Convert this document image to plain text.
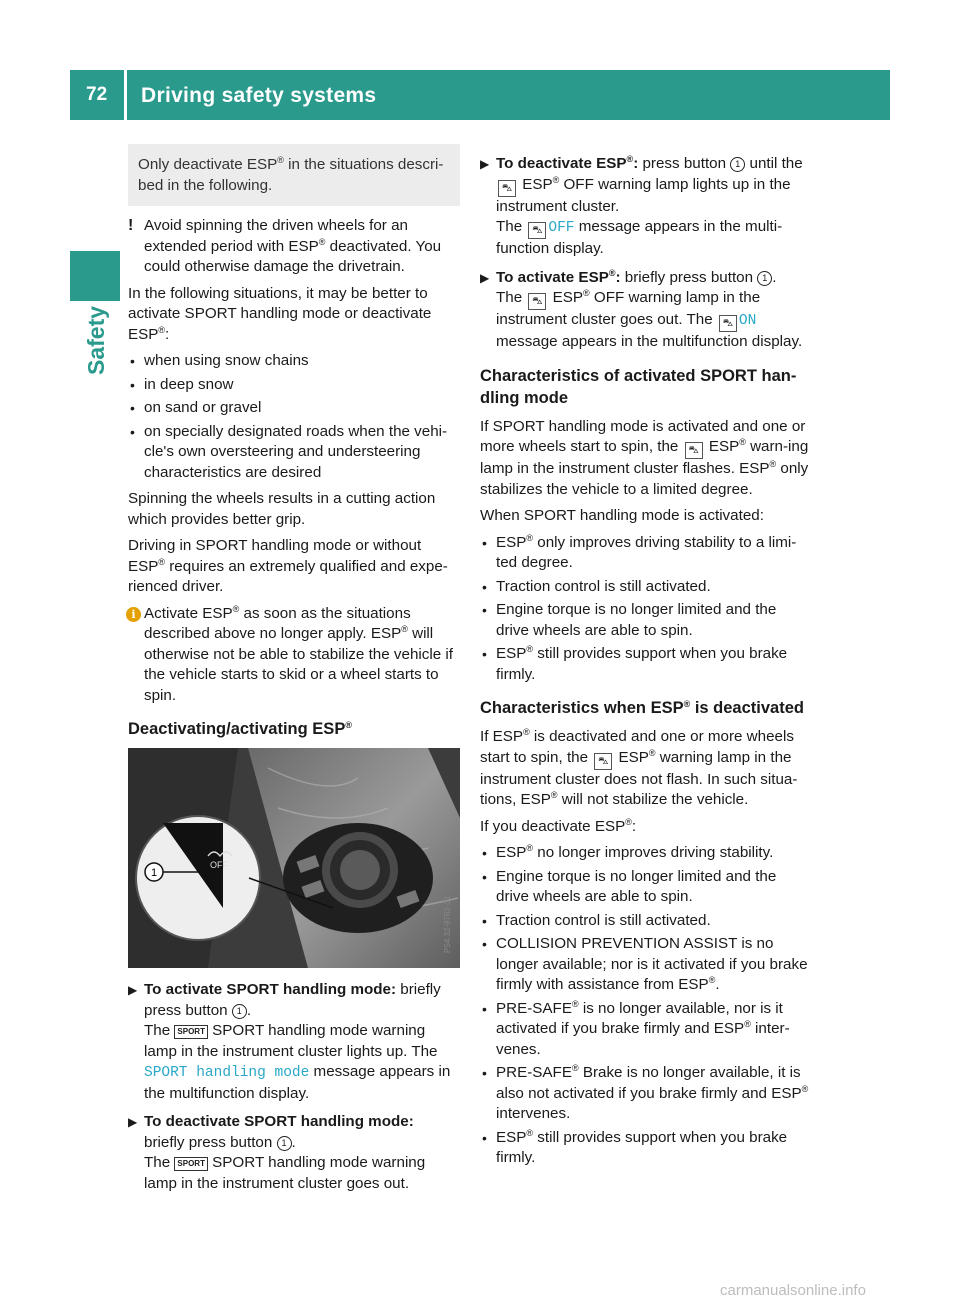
72 Driving safety systems
Safety
Only deactivate ESP® in the situations descri-bed in the following.
! Avoid spinning the driven wheels for an extended period with ESP® deactivated. You could otherwise damage the drivetrain.

In the following situations, it may be better to activate SPORT handling mode or deactivate ESP®:

• when using snow chains
• in deep snow
• on sand or gravel
• on specially designated roads when the vehi-cle's own oversteering and understeering characteristics are desired

Spinning the wheels results in a cutting action which provides better grip.

Driving in SPORT handling mode or without ESP® requires an extremely qualified and expe-rienced driver.

i Activate ESP® as soon as the situations described above no longer apply. ESP® will otherwise not be able to stabilize the vehicle if the vehicle starts to skid or a wheel starts to spin.
Deactivating/activating ESP®
1
OFF
P54.32-9762-31
▶ To activate SPORT handling mode: briefly press button 1 .
The SPORT SPORT handling mode warning lamp in the instrument cluster lights up. The SPORT handling mode message appears in the multifunction display.
▶ To deactivate SPORT handling mode:
briefly press button 1 .
The SPORT SPORT handling mode warning lamp in the instrument cluster goes out.
▶ To deactivate ESP®: press button 1 until the ⛍ ESP® OFF warning lamp lights up in the instrument cluster.
The ⛍ OFF message appears in the multi-function display.
▶ To activate ESP®: briefly press button 1 .
The ⛍ ESP® OFF warning lamp in the instrument cluster goes out. The ⛍ ON message appears in the multifunction display.
Characteristics of activated SPORT han-dling mode

If SPORT handling mode is activated and one or more wheels start to spin, the ⛍ ESP® warn-ing lamp in the instrument cluster flashes. ESP® only stabilizes the vehicle to a limited degree.

When SPORT handling mode is activated:

• ESP® only improves driving stability to a limi-ted degree.
• Traction control is still activated.
• Engine torque is no longer limited and the drive wheels are able to spin.
• ESP® still provides support when you brake firmly.
Characteristics when ESP® is deactivated

If ESP® is deactivated and one or more wheels start to spin, the ⛍ ESP® warning lamp in the instrument cluster does not flash. In such situa-tions, ESP® will not stabilize the vehicle.

If you deactivate ESP®:

• ESP® no longer improves driving stability.
• Engine torque is no longer limited and the drive wheels are able to spin.
• Traction control is still activated.
• COLLISION PREVENTION ASSIST is no longer available; nor is it activated if you brake firmly with assistance from ESP®.
• PRE-SAFE® is no longer available, nor is it activated if you brake firmly and ESP® inter-venes.
• PRE-SAFE® Brake is no longer available, it is also not activated if you brake firmly and ESP® intervenes.
• ESP® still provides support when you brake firmly.
carmanualsonline.info
